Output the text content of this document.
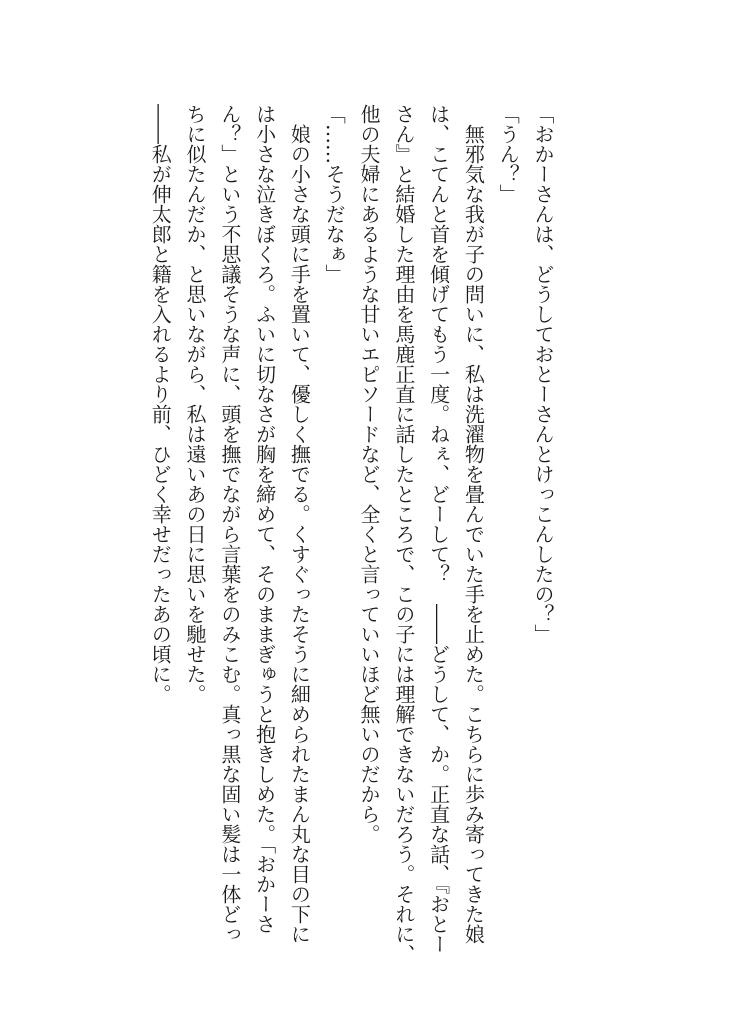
「おかーさんは、どうしておとーさんとけっこんしたの？」
「うん？」
無邪気な我が子の問いに、私は洗濯物を畳んでいた手を止めた。こちらに歩み寄ってきた娘
は、こてんと首を傾げてもう一度。ねぇ、どーして？　――どうして、か。正直な話、『おとー
さん』と結婚した理由を馬鹿正直に話したところで、この子には理解できないだろう。それに、
他の夫婦にあるような甘いエピソードなど、全くと言っていいほど無いのだから。
「……そうだなぁ」
娘の小さな頭に手を置いて、優しく撫でる。くすぐったそうに細められたまん丸な目の下に
は小さな泣きぼくろ。ふいに切なさが胸を締めて、そのままぎゅうと抱きしめた。「おかーさ
ん？」という不思議そうな声に、頭を撫でながら言葉をのみこむ。真っ黒な固い髪は一体どっ
ちに似たんだか、と思いながら、私は遠いあの日に思いを馳せた。
――私が伸太郎と籍を入れるより前、ひどく幸せだったあの頃に。
